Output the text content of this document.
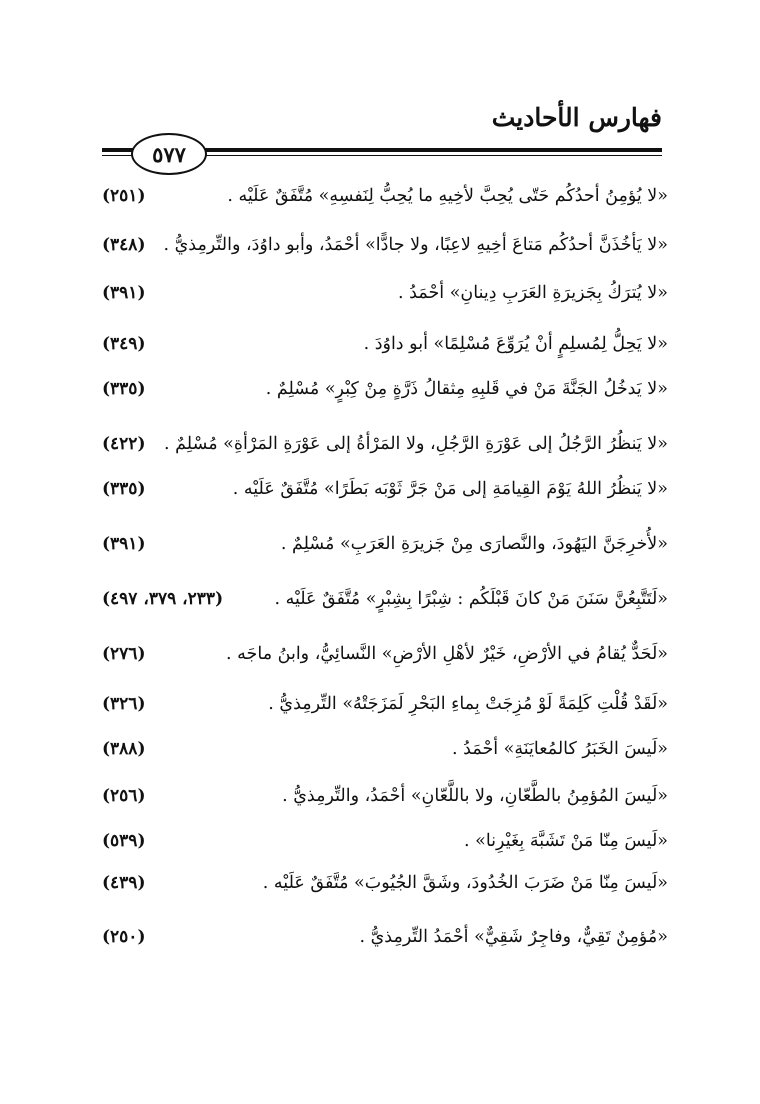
فهارس الأحاديث
٥٧٧
«لا يُؤمِنُ أحدُكُم حَتّى يُحِبَّ لأخِيهِ ما يُحِبُّ لِنَفسِهِ» مُتَّفَقٌ عَلَيْه .
(٢٥١)
«لا يَأخُذَنَّ أحدُكُم مَتاعَ أخِيهِ لاعِبًا، ولا جادًّا» أحْمَدُ، وأبو داوُدَ، والتِّرمِذيُّ .
(٣٤٨)
«لا يُترَكُ بِجَزيرَةِ العَرَبِ دِينانِ» أحْمَدُ .
(٣٩١)
«لا يَحِلُّ لِمُسلِمٍ أنْ يُرَوِّعَ مُسْلِمًا» أبو داوُدَ .
(٣٤٩)
«لا يَدخُلُ الجَنَّةَ مَنْ في قَلبِهِ مِثقالُ ذَرَّةٍ مِنْ كِبْرٍ» مُسْلِمٌ .
(٣٣٥)
«لا يَنظُرُ الرَّجُلُ إلى عَوْرَةِ الرَّجُلِ، ولا المَرْأةُ إلى عَوْرَةِ المَرْأةِ» مُسْلِمٌ .
(٤٢٢)
«لا يَنظُرُ اللهُ يَوْمَ القِيامَةِ إلى مَنْ جَرَّ ثَوْبَه بَطَرًا» مُتَّفَقٌ عَلَيْه .
(٣٣٥)
«لأُخرِجَنَّ اليَهُودَ، والنَّصارَى مِنْ جَزيرَةِ العَرَبِ» مُسْلِمٌ .
(٣٩١)
«لَتَتَّبِعُنَّ سَنَنَ مَنْ كانَ قَبْلَكُم : شِبْرًا بِشِبْرٍ» مُتَّفَقٌ عَلَيْه .
(٢٣٣، ٣٧٩، ٤٩٧)
«لَحَدٌّ يُقامُ في الأرْضِ، خَيْرٌ لأهْلِ الأرْضِ» النَّسائِيُّ، وابنُ ماجَه .
(٢٧٦)
«لَقَدْ قُلْتِ كَلِمَةً لَوْ مُزِجَتْ بِماءِ البَحْرِ لَمَزَجَتْهُ» التِّرمِذيُّ .
(٣٢٦)
«لَيسَ الخَبَرُ كالمُعايَنَةِ» أحْمَدُ .
(٣٨٨)
«لَيسَ المُؤمِنُ بالطَّعّانِ، ولا باللَّعّانِ» أحْمَدُ، والتِّرمِذيُّ .
(٢٥٦)
«لَيسَ مِنّا مَنْ تَشَبَّهَ بِغَيْرِنا» .
(٥٣٩)
«لَيسَ مِنّا مَنْ ضَرَبَ الخُدُودَ، وشَقَّ الجُيُوبَ» مُتَّفَقٌ عَلَيْه .
(٤٣٩)
«مُؤمِنٌ تَقِيٌّ، وفاجِرٌ شَقِيٌّ» أحْمَدُ التِّرمِذيُّ .
(٢٥٠)
